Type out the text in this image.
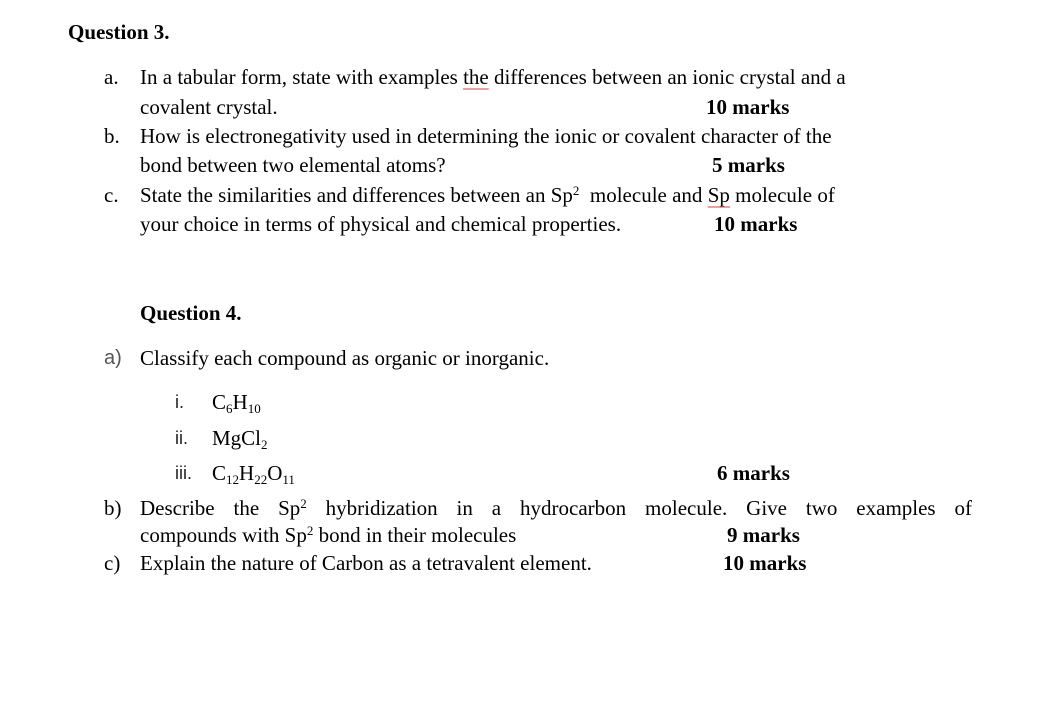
Question 3.
a. In a tabular form, state with examples the differences between an ionic crystal and a
covalent crystal.	10 marks
b. How is electronegativity used in determining the ionic or covalent character of the
bond between two elemental atoms?	5 marks
c. State the similarities and differences between an Sp$^2$  molecule and Sp molecule of
your choice in terms of physical and chemical properties.	10 marks
Question 4.
a) Classify each compound as organic or inorganic.
i. $C_6H_{10}$
ii. MgCl$_2$
iii. $C_{12}H_{22}O_{11}$	6 marks
b) Describe the Sp$^2$ hybridization in a hydrocarbon molecule. Give two examples of
compounds with Sp$^2$ bond in their molecules	9 marks
c) Explain the nature of Carbon as a tetravalent element.	10 marks
